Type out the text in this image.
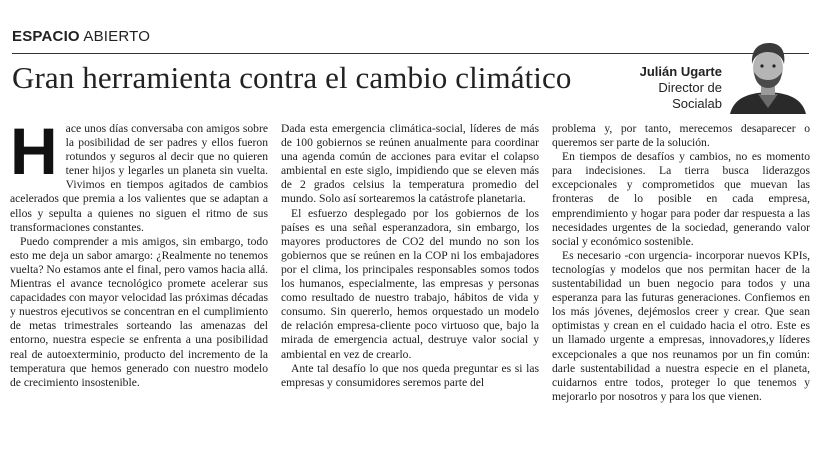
ESPACIO ABIERTO
Gran herramienta contra el cambio climático	Julián Ugarte
Director de
Socialab

Hace unos días conversaba con amigos sobre la posibilidad de ser padres y ellos fueron rotundos y seguros al decir que no quieren tener hijos y legarles un planeta sin vuelta. Vivimos en tiempos agitados de cambios acelerados que premia a los valientes que se adaptan a ellos y sepulta a quienes no siguen el ritmo de sus transformaciones constantes.

Puedo comprender a mis amigos, sin embargo, todo esto me deja un sabor amargo: ¿Realmente no tenemos vuelta? No estamos ante el final, pero vamos hacia allá. Mientras el avance tecnológico promete acelerar sus capacidades con mayor velocidad las próximas décadas y nuestros ejecutivos se concentran en el cumplimiento de metas trimestrales sorteando las amenazas del entorno, nuestra especie se enfrenta a una posibilidad real de autoexterminio, producto del incremento de la temperatura que hemos generado con nuestro modelo de crecimiento insostenible.

Dada esta emergencia climática-social, líderes de más de 100 gobiernos se reúnen anualmente para coordinar una agenda común de acciones para evitar el colapso ambiental en este siglo, impidiendo que se eleven más de 2 grados celsius la temperatura promedio del mundo. Solo así sortearemos la catástrofe planetaria.

El esfuerzo desplegado por los gobiernos de los países es una señal esperanzadora, sin embargo, los mayores productores de CO2 del mundo no son los gobiernos que se reúnen en la COP ni los embajadores por el clima, los principales responsables somos todos los humanos, especialmente, las empresas y personas como resultado de nuestro trabajo, hábitos de vida y consumo. Sin quererlo, hemos orquestado un modelo de relación empresa-cliente poco virtuoso que, bajo la mirada de emergencia actual, destruye valor social y ambiental en vez de crearlo.

Ante tal desafío lo que nos queda preguntar es si las empresas y consumidores seremos parte del

problema y, por tanto, merecemos desaparecer o queremos ser parte de la solución.

En tiempos de desafíos y cambios, no es momento para indecisiones. La tierra busca liderazgos excepcionales y comprometidos que muevan las fronteras de lo posible en cada empresa, emprendimiento y hogar para poder dar respuesta a las necesidades urgentes de la sociedad, generando valor social y económico sostenible.

Es necesario -con urgencia- incorporar nuevos KPIs, tecnologías y modelos que nos permitan hacer de la sustentabilidad un buen negocio para todos y una esperanza para las futuras generaciones. Confiemos en los más jóvenes, dejémoslos creer y crear. Que sean optimistas y crean en el cuidado hacia el otro. Este es un llamado urgente a empresas, innovadores,y líderes excepcionales a que nos reunamos por un fin común: darle sustentabilidad a nuestra especie en el planeta, cuidarnos entre todos, proteger lo que tenemos y mejorarlo por nosotros y para los que vienen.
